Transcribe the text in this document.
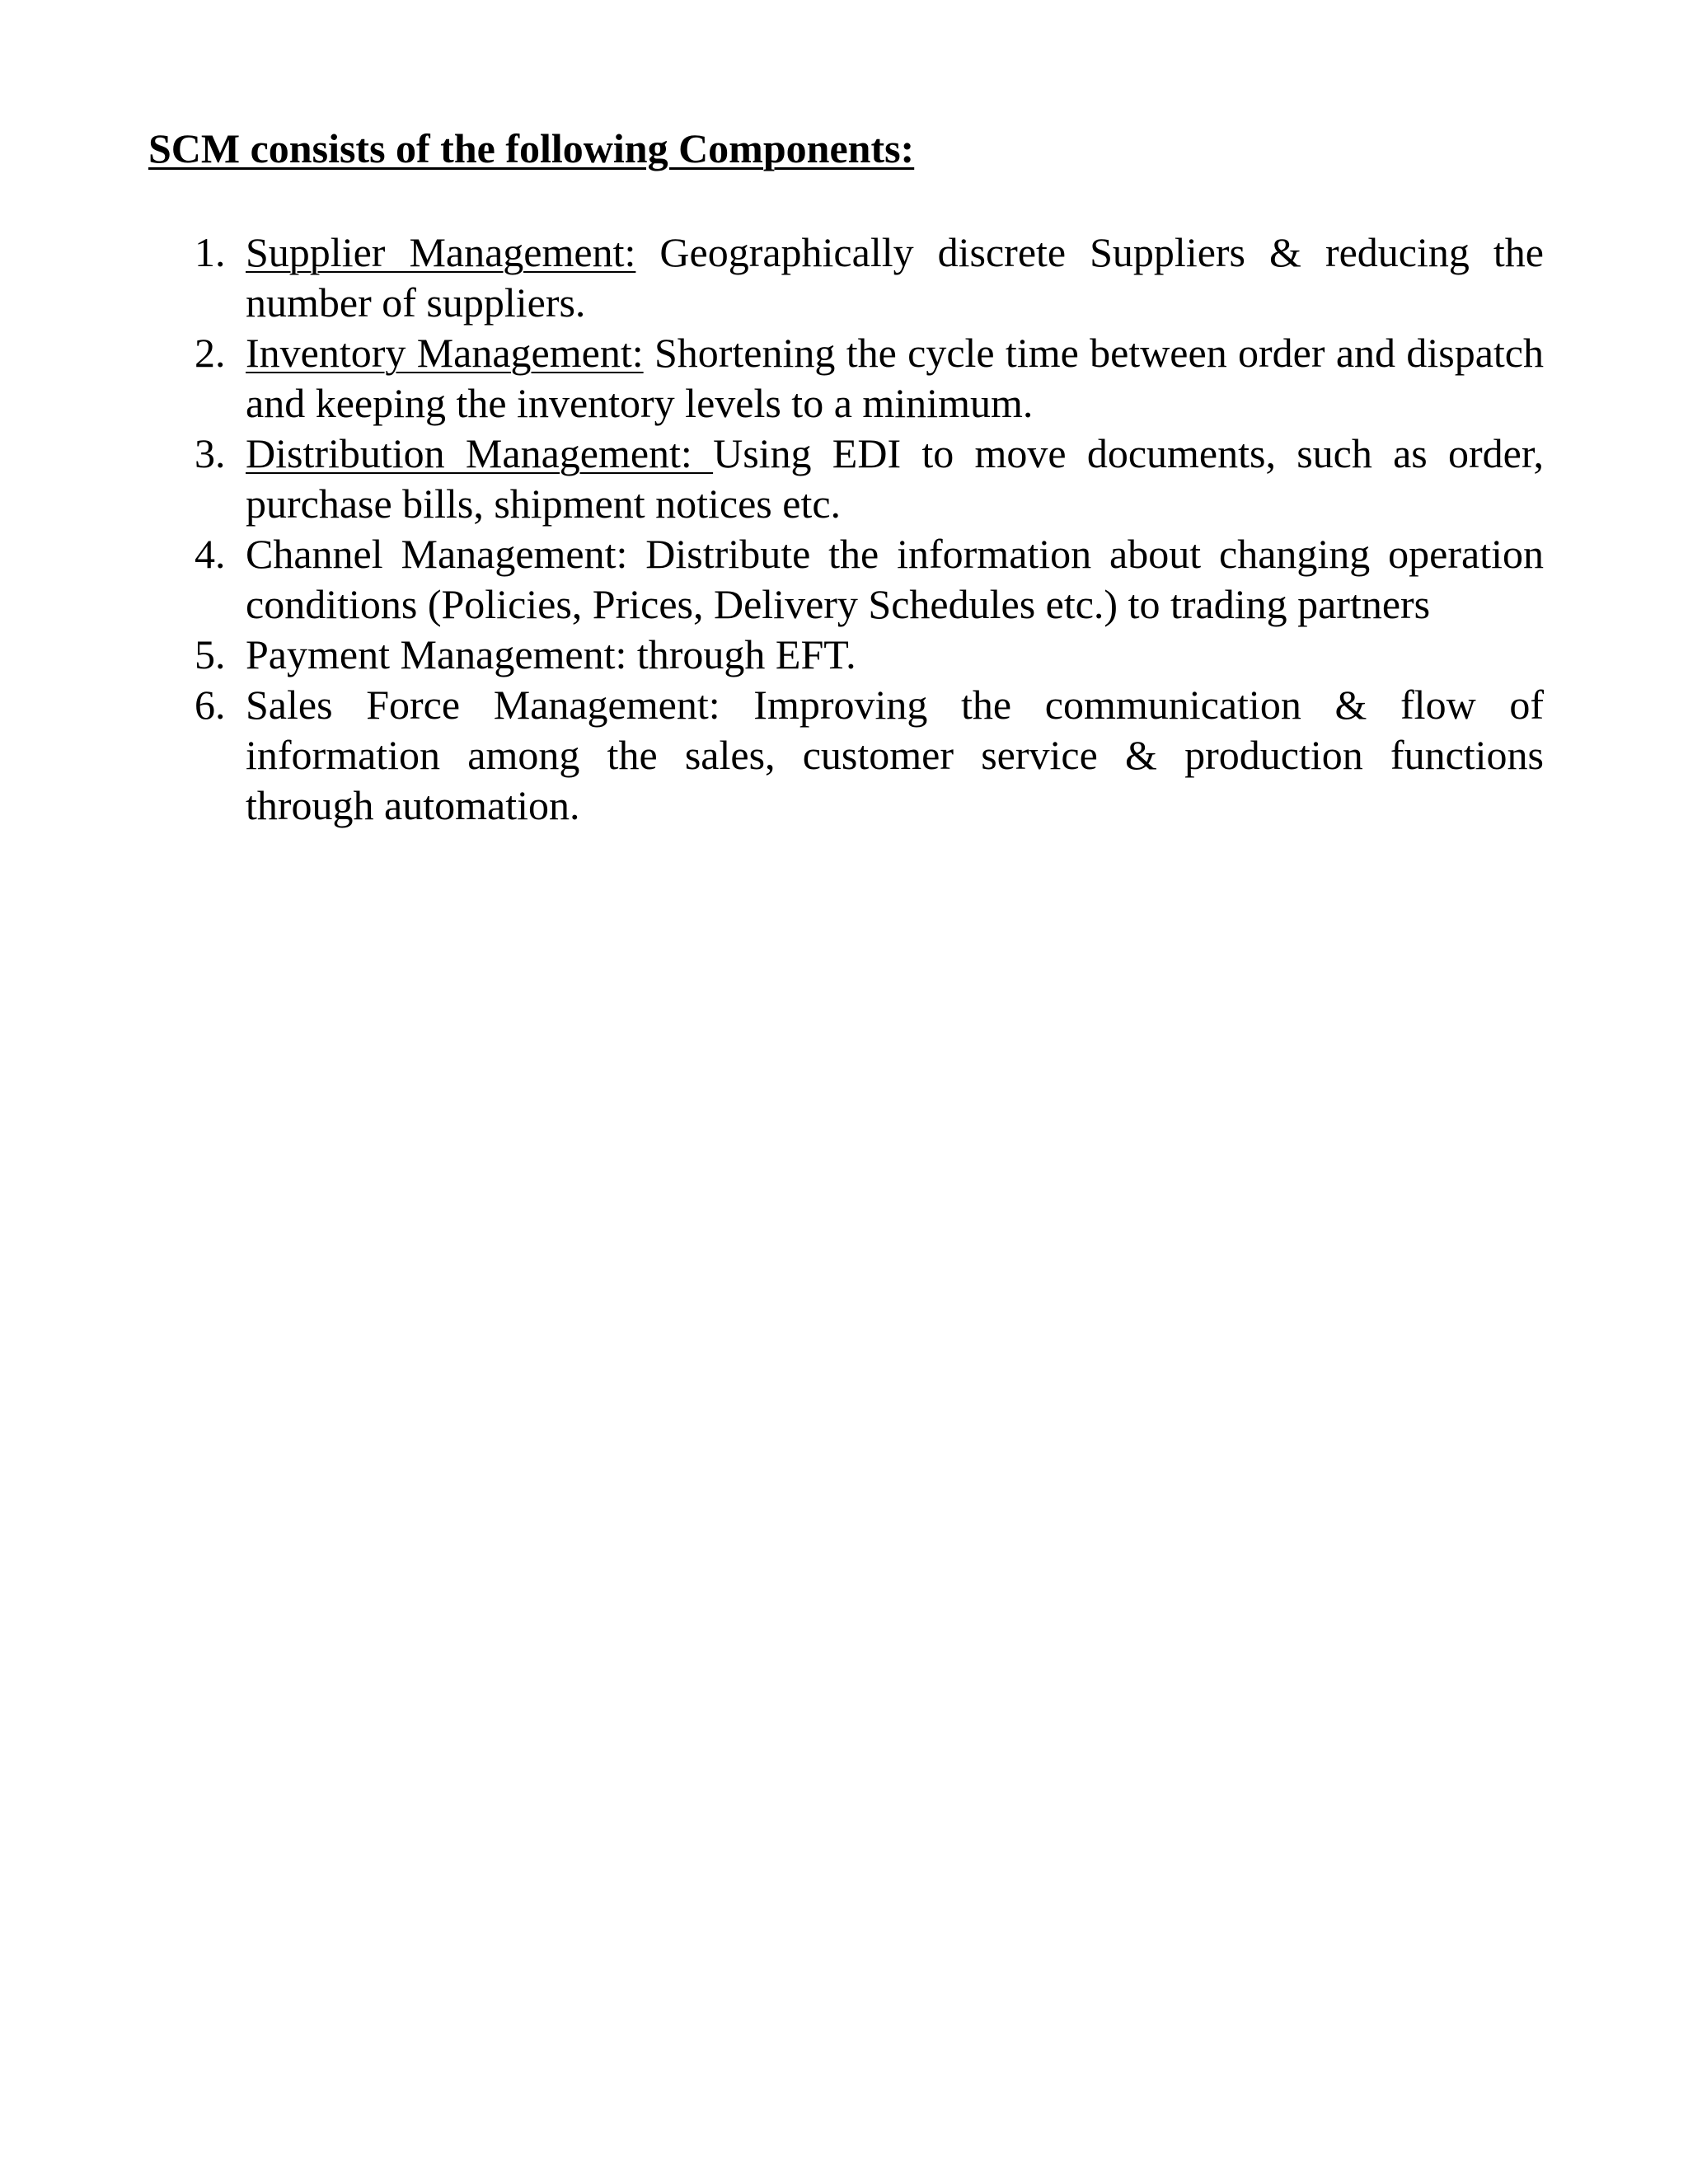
SCM consists of the following Components:
1. Supplier Management: Geographically discrete Suppliers & reducing the number of suppliers.
2. Inventory Management: Shortening the cycle time between order and dispatch and keeping the inventory levels to a minimum.
3. Distribution Management: Using EDI to move documents, such as order, purchase bills, shipment notices etc.
4. Channel Management: Distribute the information about changing operation conditions (Policies, Prices, Delivery Schedules etc.) to trading partners
5. Payment Management: through EFT.
6. Sales Force Management: Improving the communication & flow of information among the sales, customer service & production functions through automation.
